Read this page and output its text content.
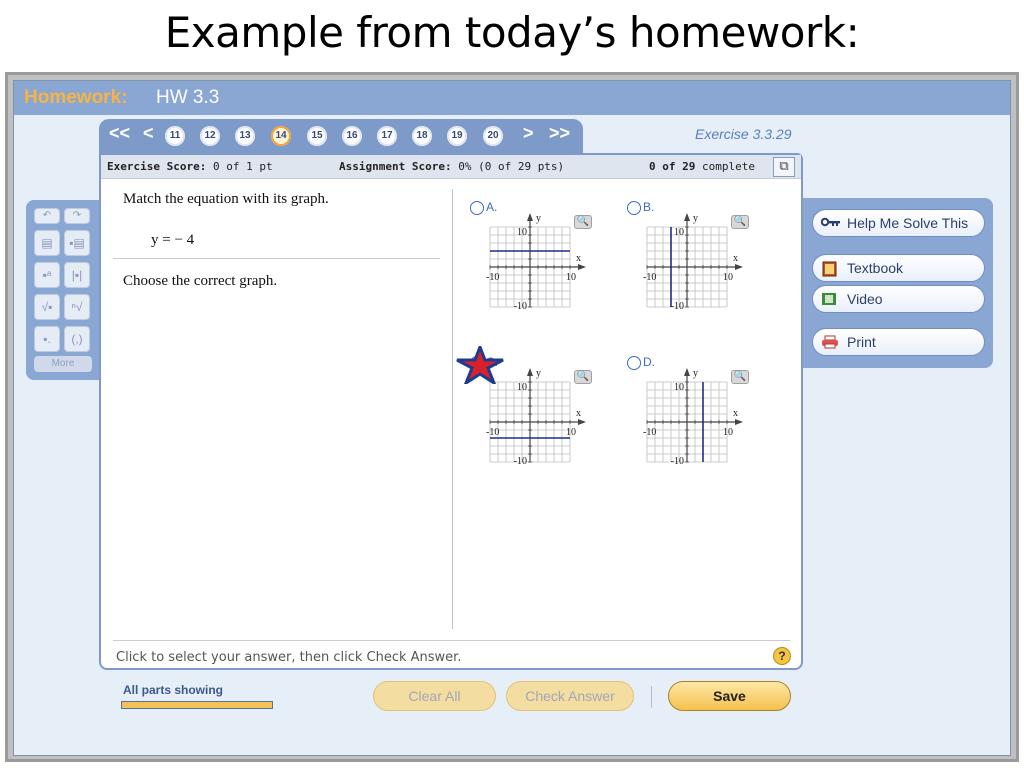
Example from today’s homework:
Homework: HW 3.3
↶	↷
▤	▪▤
▪ᵃ	|▪|
√▪	ⁿ√
▪.	(,)
More
Help Me Solve This
Textbook
Video
Print
<< <	> >>
11	12	13	14	15	16	17	18	19	20	Exercise 3.3.29
Exercise Score: 0 of 1 pt	Assignment Score: 0% (0 of 29 pts)	0 of 29 complete	⧉
Match the equation with its graph.
y = − 4
Choose the correct graph.
A.
🔍
y
x
10
-10
-10	10
B.
🔍
y
x
10
-10
-10	10
🔍
y
x
10
-10
-10	10
D.
🔍
y
x
10
-10
-10	10
Click to select your answer, then click Check Answer.	?
All parts showing	Clear All	Check Answer	Save
